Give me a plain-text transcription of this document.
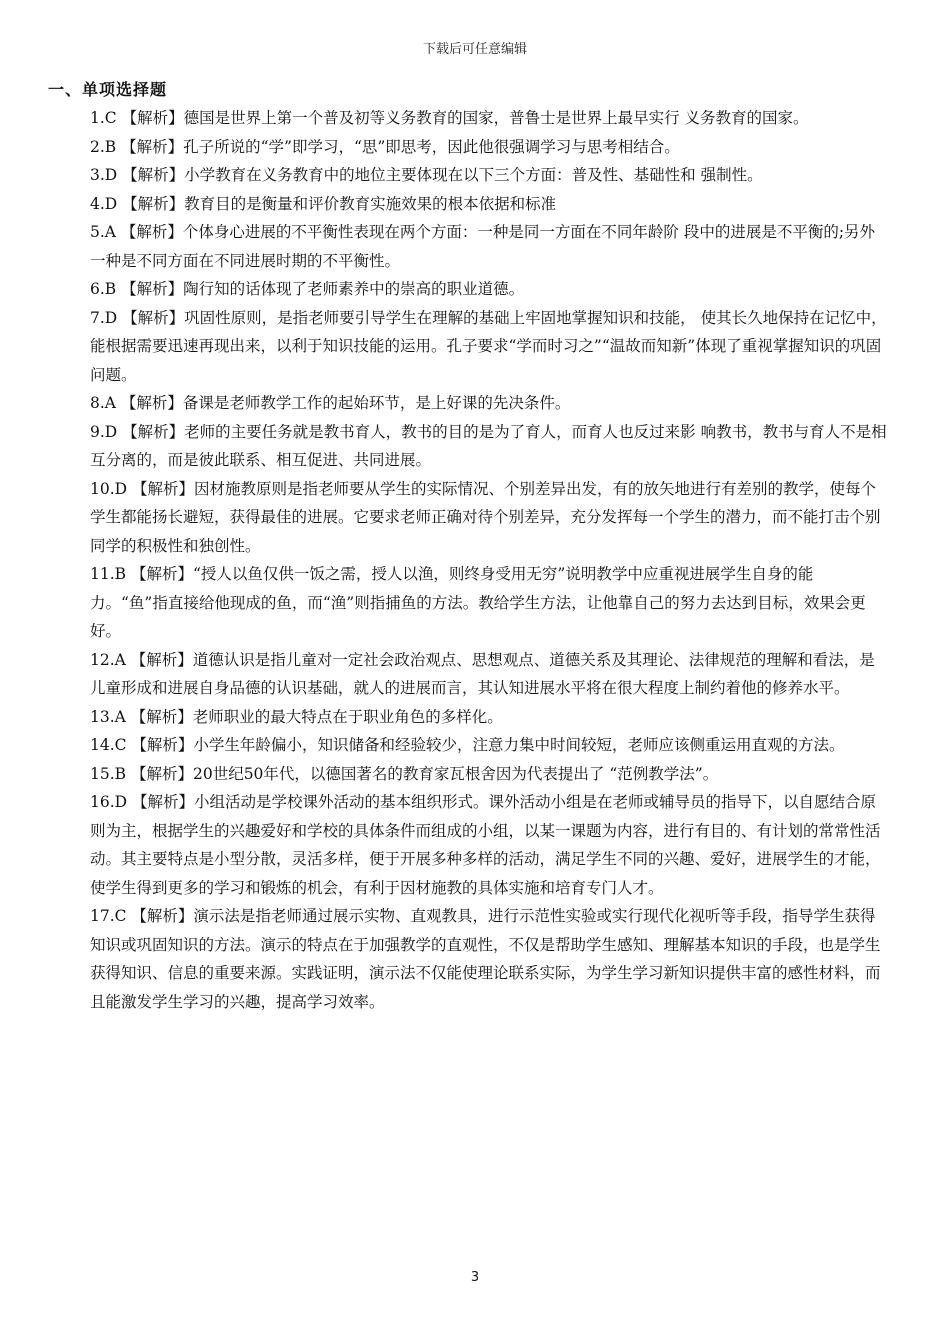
下载后可任意编辑
一、单项选择题

1.C 【解析】德国是世界上第一个普及初等义务教育的国家，普鲁士是世界上最早实行 义务教育的国家。

2.B 【解析】孔子所说的“学”即学习，“思”即思考，因此他很强调学习与思考相结合。

3.D 【解析】小学教育在义务教育中的地位主要体现在以下三个方面：普及性、基础性和 强制性。

4.D 【解析】教育目的是衡量和评价教育实施效果的根本依据和标准

5.A 【解析】个体身心进展的不平衡性表现在两个方面：一种是同一方面在不同年龄阶 段中的进展是不平衡的;另外一种是不同方面在不同进展时期的不平衡性。

6.B 【解析】陶行知的话体现了老师素养中的崇高的职业道德。

7.D 【解析】巩固性原则，是指老师要引导学生在理解的基础上牢固地掌握知识和技能， 使其长久地保持在记忆中，能根据需要迅速再现出来，以利于知识技能的运用。孔子要求“学而时习之”“温故而知新”体现了重视掌握知识的巩固问题。

8.A 【解析】备课是老师教学工作的起始环节，是上好课的先决条件。

9.D 【解析】老师的主要任务就是教书育人，教书的目的是为了育人，而育人也反过来影 响教书，教书与育人不是相互分离的，而是彼此联系、相互促进、共同进展。

10.D 【解析】因材施教原则是指老师要从学生的实际情况、个别差异出发，有的放矢地进行有差别的教学，使每个学生都能扬长避短，获得最佳的进展。它要求老师正确对待个别差异，充分发挥每一个学生的潜力，而不能打击个别同学的积极性和独创性。

11.B 【解析】“授人以鱼仅供一饭之需，授人以渔，则终身受用无穷”说明教学中应重视进展学生自身的能力。“鱼”指直接给他现成的鱼，而“渔”则指捕鱼的方法。教给学生方法，让他靠自己的努力去达到目标，效果会更好。

12.A 【解析】道德认识是指儿童对一定社会政治观点、思想观点、道德关系及其理论、法律规范的理解和看法，是儿童形成和进展自身品德的认识基础，就人的进展而言，其认知进展水平将在很大程度上制约着他的修养水平。

13.A 【解析】老师职业的最大特点在于职业角色的多样化。

14.C 【解析】小学生年龄偏小，知识储备和经验较少，注意力集中时间较短，老师应该侧重运用直观的方法。

15.B 【解析】20世纪50年代，以德国著名的教育家瓦根舍因为代表提出了 “范例教学法”。

16.D 【解析】小组活动是学校课外活动的基本组织形式。课外活动小组是在老师或辅导员的指导下，以自愿结合原则为主，根据学生的兴趣爱好和学校的具体条件而组成的小组，以某一课题为内容，进行有目的、有计划的常常性活动。其主要特点是小型分散，灵活多样，便于开展多种多样的活动，满足学生不同的兴趣、爱好，进展学生的才能，使学生得到更多的学习和锻炼的机会，有利于因材施教的具体实施和培育专门人才。

17.C 【解析】演示法是指老师通过展示实物、直观教具，进行示范性实验或实行现代化视听等手段，指导学生获得知识或巩固知识的方法。演示的特点在于加强教学的直观性，不仅是帮助学生感知、理解基本知识的手段，也是学生获得知识、信息的重要来源。实践证明，演示法不仅能使理论联系实际，为学生学习新知识提供丰富的感性材料，而且能激发学生学习的兴趣，提高学习效率。

3
